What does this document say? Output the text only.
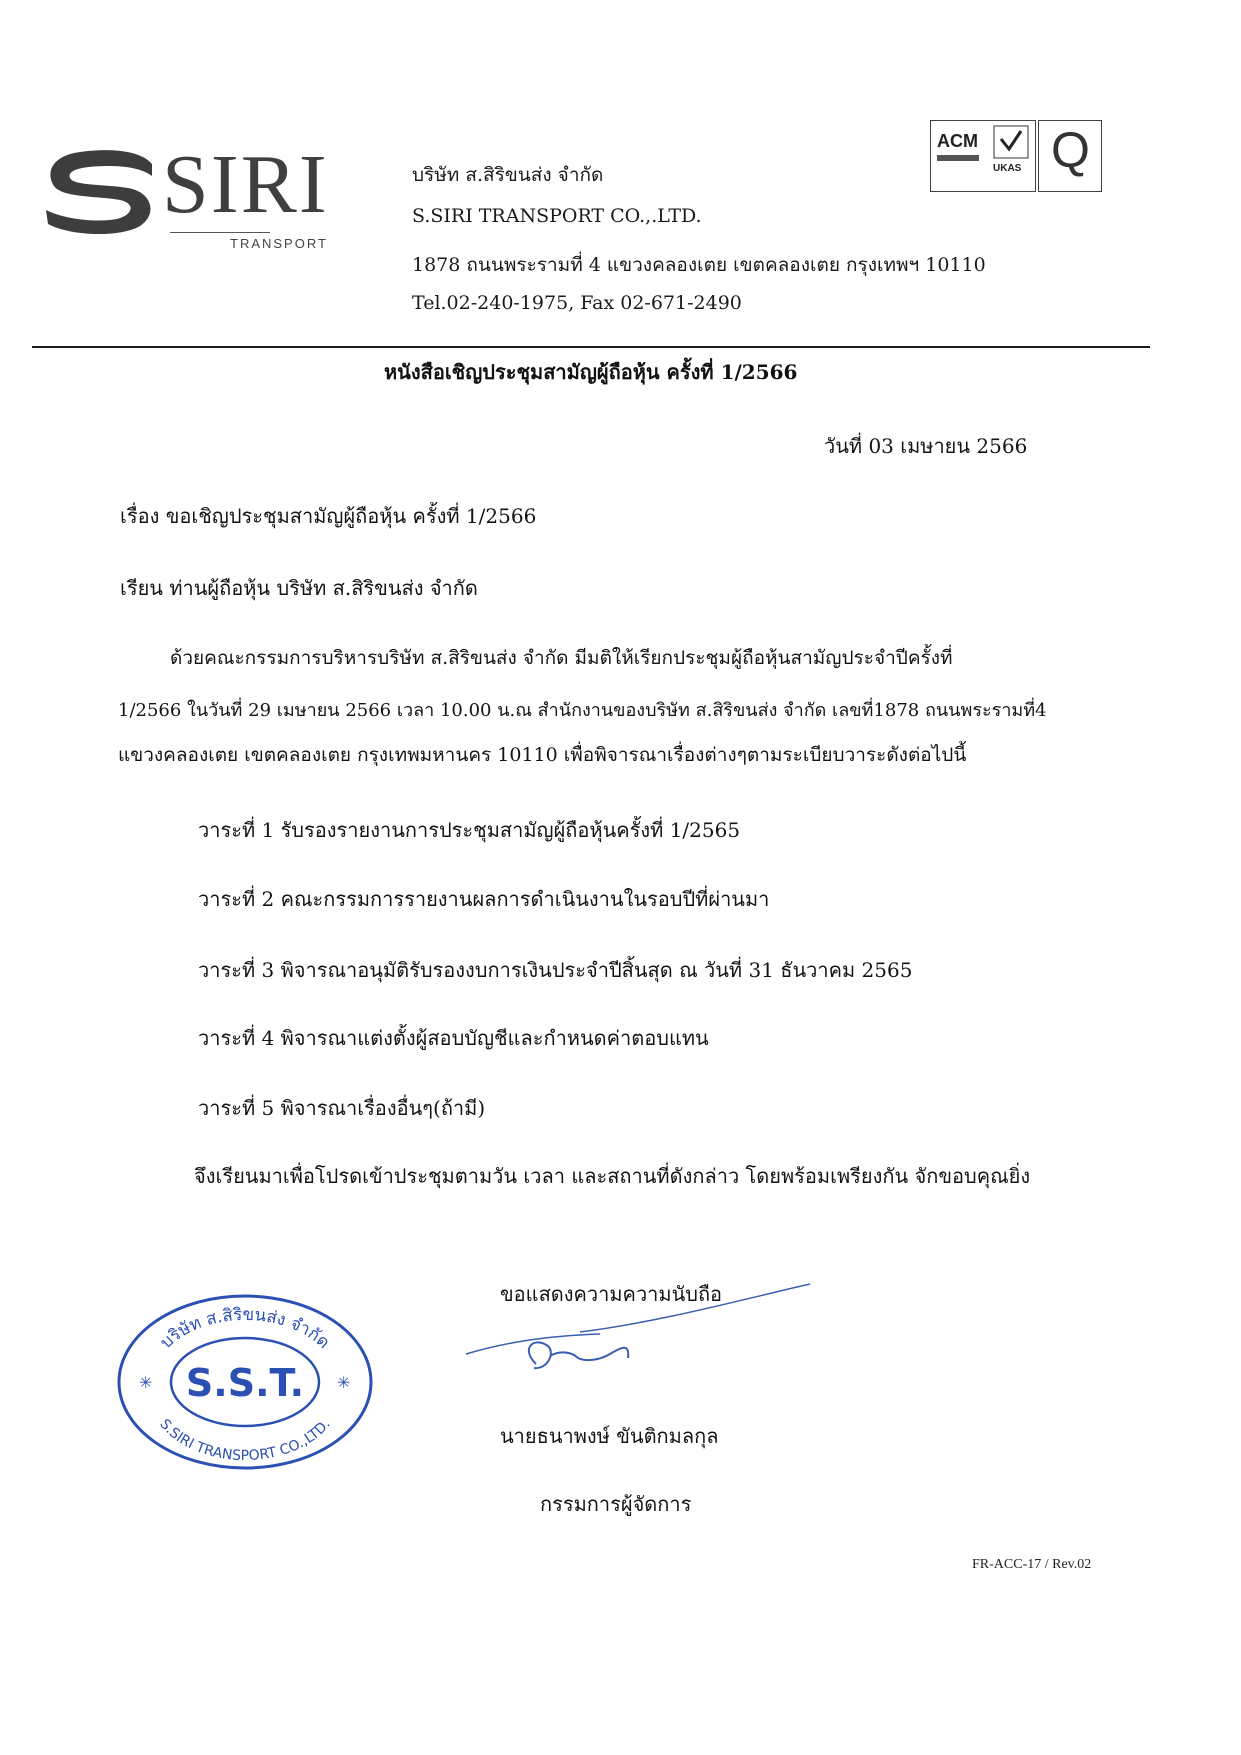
SIRI
TRANSPORT
บริษัท ส.สิริขนส่ง จำกัด
S.SIRI TRANSPORT CO.,.LTD.
1878 ถนนพระรามที่ 4 แขวงคลองเตย เขตคลองเตย กรุงเทพฯ 10110
Tel.02-240-1975, Fax 02-671-2490
ACM
UKAS Q
หนังสือเชิญประชุมสามัญผู้ถือหุ้น ครั้งที่ 1/2566
วันที่ 03 เมษายน 2566
เรื่อง ขอเชิญประชุมสามัญผู้ถือหุ้น ครั้งที่ 1/2566
เรียน ท่านผู้ถือหุ้น บริษัท ส.สิริขนส่ง จำกัด
ด้วยคณะกรรมการบริหารบริษัท ส.สิริขนส่ง จำกัด มีมติให้เรียกประชุมผู้ถือหุ้นสามัญประจำปีครั้งที่
1/2566 ในวันที่ 29 เมษายน 2566 เวลา 10.00 น.ณ สำนักงานของบริษัท ส.สิริขนส่ง จำกัด เลขที่1878 ถนนพระรามที่4
แขวงคลองเตย เขตคลองเตย กรุงเทพมหานคร 10110 เพื่อพิจารณาเรื่องต่างๆตามระเบียบวาระดังต่อไปนี้
วาระที่ 1 รับรองรายงานการประชุมสามัญผู้ถือหุ้นครั้งที่ 1/2565
วาระที่ 2 คณะกรรมการรายงานผลการดำเนินงานในรอบปีที่ผ่านมา
วาระที่ 3 พิจารณาอนุมัติรับรองงบการเงินประจำปีสิ้นสุด ณ วันที่ 31 ธันวาคม 2565
วาระที่ 4 พิจารณาแต่งตั้งผู้สอบบัญชีและกำหนดค่าตอบแทน
วาระที่ 5 พิจารณาเรื่องอื่นๆ(ถ้ามี)
จึงเรียนมาเพื่อโปรดเข้าประชุมตามวัน เวลา และสถานที่ดังกล่าว โดยพร้อมเพรียงกัน จักขอบคุณยิ่ง
ขอแสดงความความนับถือ
นายธนาพงษ์ ขันติกมลกุล
กรรมการผู้จัดการ
บริษัท ส.สิริขนส่ง จำกัด
S.SIRI TRANSPORT CO.,LTD.
S.S.T.
✳	✳
FR-ACC-17 / Rev.02
